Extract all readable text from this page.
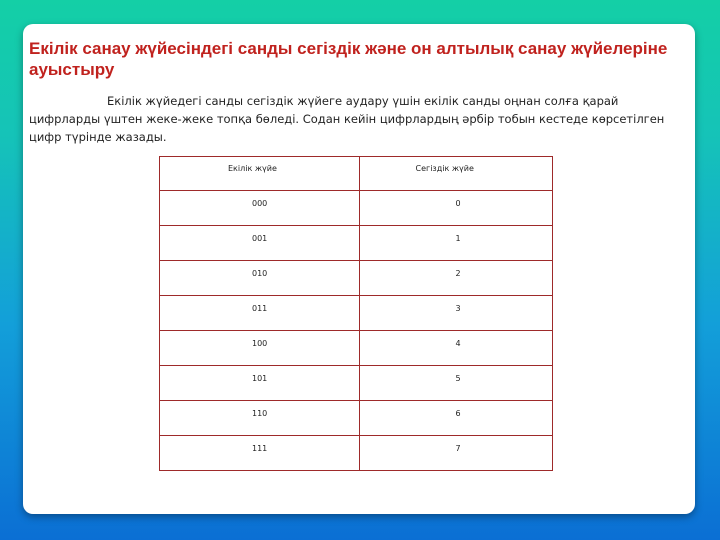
Екілік санау жүйесіндегі санды сегіздік және он алтылық санау жүйелеріне ауыстыру

Екілік жүйедегі санды сегіздік жүйеге аудару үшін екілік санды оңнан солға қарай цифрларды үштен жеке-жеке топқа бөледі. Содан кейін цифрлардың әрбір тобын кестеде көрсетілген цифр түрінде жазады.

Екілік жүйе	Сегіздік жүйе
000	0
001	1
010	2
011	3
100	4
101	5
110	6
111	7
